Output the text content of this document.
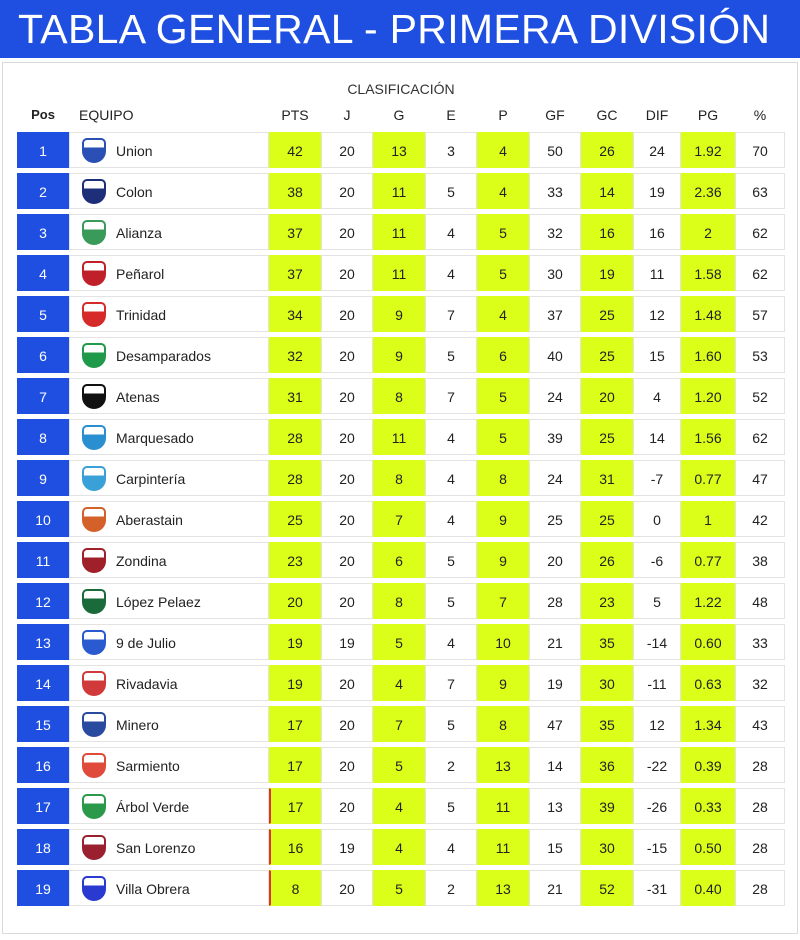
TABLA GENERAL - PRIMERA DIVISIÓN
CLASIFICACIÓN
Pos	EQUIPO	PTS	J	G	E	P	GF	GC	DIF	PG	%
1	Union	42	20	13	3	4	50	26	24	1.92	70
2	Colon	38	20	11	5	4	33	14	19	2.36	63
3	Alianza	37	20	11	4	5	32	16	16	2	62
4	Peñarol	37	20	11	4	5	30	19	11	1.58	62
5	Trinidad	34	20	9	7	4	37	25	12	1.48	57
6	Desamparados	32	20	9	5	6	40	25	15	1.60	53
7	Atenas	31	20	8	7	5	24	20	4	1.20	52
8	Marquesado	28	20	11	4	5	39	25	14	1.56	62
9	Carpintería	28	20	8	4	8	24	31	-7	0.77	47
10	Aberastain	25	20	7	4	9	25	25	0	1	42
11	Zondina	23	20	6	5	9	20	26	-6	0.77	38
12	López Pelaez	20	20	8	5	7	28	23	5	1.22	48
13	9 de Julio	19	19	5	4	10	21	35	-14	0.60	33
14	Rivadavia	19	20	4	7	9	19	30	-11	0.63	32
15	Minero	17	20	7	5	8	47	35	12	1.34	43
16	Sarmiento	17	20	5	2	13	14	36	-22	0.39	28
17	Árbol Verde	17	20	4	5	11	13	39	-26	0.33	28
18	San Lorenzo	16	19	4	4	11	15	30	-15	0.50	28
19	Villa Obrera	8	20	5	2	13	21	52	-31	0.40	28
